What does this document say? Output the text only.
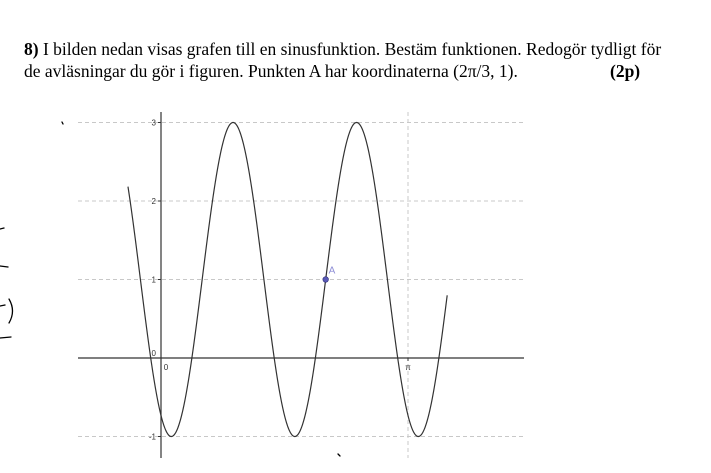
8) I bilden nedan visas grafen till en sinusfunktion. Bestäm funktionen. Redogör tydligt för
de avläsningar du gör i figuren. Punkten A har koordinaterna (2π/3, 1).	(2p)

-1
0
1
2
3
0	π
A
